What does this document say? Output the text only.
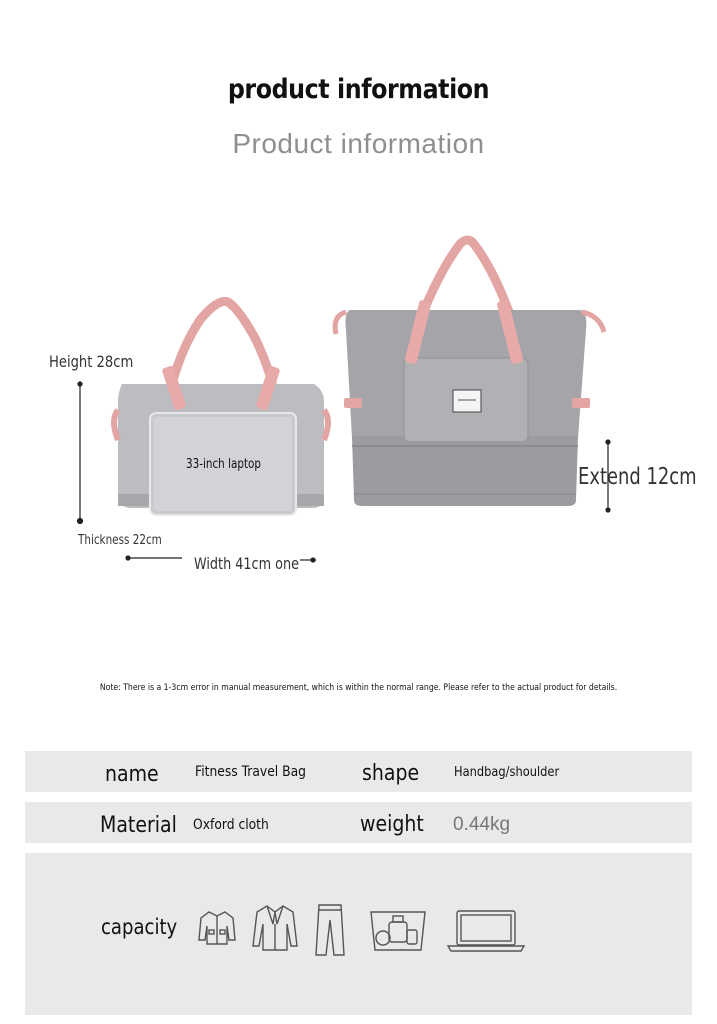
product information
Product information
Height 28cm
33-inch laptop
Thickness 22cm
Width 41cm one
Extend 12cm
Note: There is a 1-3cm error in manual measurement, which is within the normal range. Please refer to the actual product for details.
name	Fitness Travel Bag	shape	Handbag/shoulder
Material Oxford cloth	weight 0.44kg
capacity
